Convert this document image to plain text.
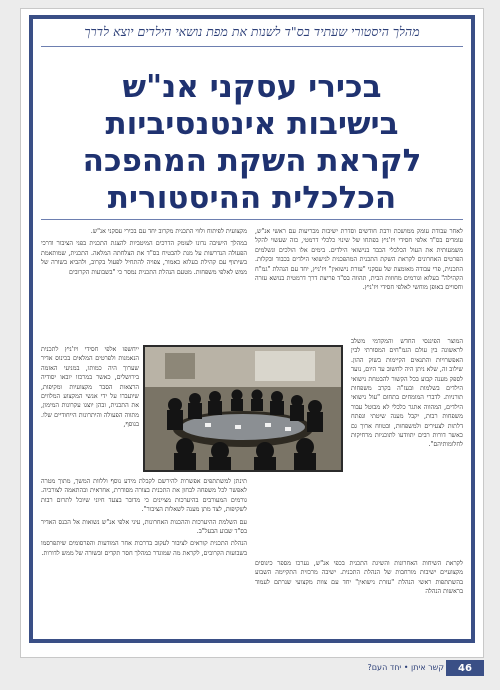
מהלך היסטורי שעתיד בס"ד לשנות את מפת נושאי הילדים יוצא לדרך
בכירי עסקני אנ"ש
בישיבות אינטנסיביות
לקראת השקת המהפכה
הכלכלית ההיסטורית

לאחר עבודת עומק ממושכת ורבת חודשים וסדרת ישיבות מכריעות עם ראשי אנ"ש, עומדים בס"ד אלפי חסידי ויז'ניץ בפתחו של שינוי כלכלי דרמטי, כזה שעשוי להקל משמעותית את העול הכלכלי הכבד בנישואי הילדים. בימים אלו הולכים ונשלמים הפרטים האחרונים לקראת השקת התכנית המהפכנית לנישואי הילדים בכבוד ובקלות. התכנית, פרי עבודה מאומצת של עסקני "עזרת נישואין" ויז'ניץ, יחד עם הנהלת "גמ"ח הקהילה" בעלוא וגורמים מחוזות הבית, תהווה בס"ד פריצת דרך דרמטית בנושא עזרה וחסויים באופן מוחשי לאלפי חסידי ויז'ניץ.

המוצר הפיננסי החדש והמקדמי משלב לראשונה בין עולם הגמ"חים המסורתי לבין האפשרויות והתנאים הקיימות בשוק ההון. שילוב זה, שלא ניתן היה לחשוב עד היום, נועד לספק מענה קבוע בכל הקשור להבטחת נישואי הילדים בשלמות ובעז"ה בקרב משפחות תורניות. לדברי המומחים בתחום "עול נישואי הילדים, המהווה אתגר כלכלי לא מבוטל עבור משפחות רבות, יקבל מענה שיטתי ונפתח דלתות לצעירים ולמשפחות, ובטווח ארוך גם כאשר דורות רבים יתוודעו לתוכניות מרחיקות לחלומותיהם".

לקראת השיחות האחרונות והשיגת התכנית בכפי אנ"ש, נערכו מספר כינוסים מקצועיים ישיבות מורחבות של הנהלת התכנית. ישיבה מרכזית התקיימה השבוע בהשתתפות ראשי הנהלת "עזרת נישואין" יחד עם צוות מקצועי שנרתם לעמוד בראשות הנהלה

מקצועית לפיתוח ולווי התכנית מקרוב יחד עם בכירי עסקני אנ"ש.

במהלך הישיבה נדונו לעומק הדרכים המיטביות להצגת התכנית בפני הציבור ודרכי הפעולה הנדרשות על מנת להבטיח בס"ד את הצלחתה המלאה. התכנית, שמותאמת בשיתוף עם קהילת בעלוא כאמור, צפויה להתחיל לפעול בקרוב, ולהביא בשורה של ממש לאלפי משפחות. מטעם הנהלת התכנית נמסר כי "בשבועות הקרובים

תינתן למשתתפים אפשרות להירשם לקבלת מידע נוסף וללוות המשך, מתוך מטרה לאפשר לכל משפחה לבחון את התכנית בצורה מסודרת, אחראית ובהתאמה לצורכיה. גורמים המעורבים בהיערכות מציינים כי מדובר בצעד חיוני שיוכל לתרום רבות לשקיפות, לצד מתן מענה לשאלות הציבור".

עם השלמת ההיערכות וההכנות האחרונות, עיני אלפי אנ"ש נשואות אל הכנס האדיר בס"ד שבוע הבעל"ב.

הנהלת התכנית קוראים לציבור לעקוב בדרכות אחר המודעות והפרסומים שיתפרסמו בשבועות הקרובים, לקראת מה שמוגדר כמהלך חסר תקדים ובשורה של ממש לדורות.

ייחשפו אלפי חסידי ויז'ניץ לתכנית הנאמנות ולפרטים המלאים בכינוס אדיר שערוך היה כמותו, במניעי האזמה בירושלים, כאשר במרכזו יובאו יסודיה הרצאות הסבר מקצועיות ומקיפות, שיועברו על ידי אנשי המקצוע המלווים את התכנית, ובהן יוצגו עקרונות המימון, מתווה הפעולה והיתרונות הייחודיים שלו. בנוסף,

קשר איתן • יחד העם?	46
